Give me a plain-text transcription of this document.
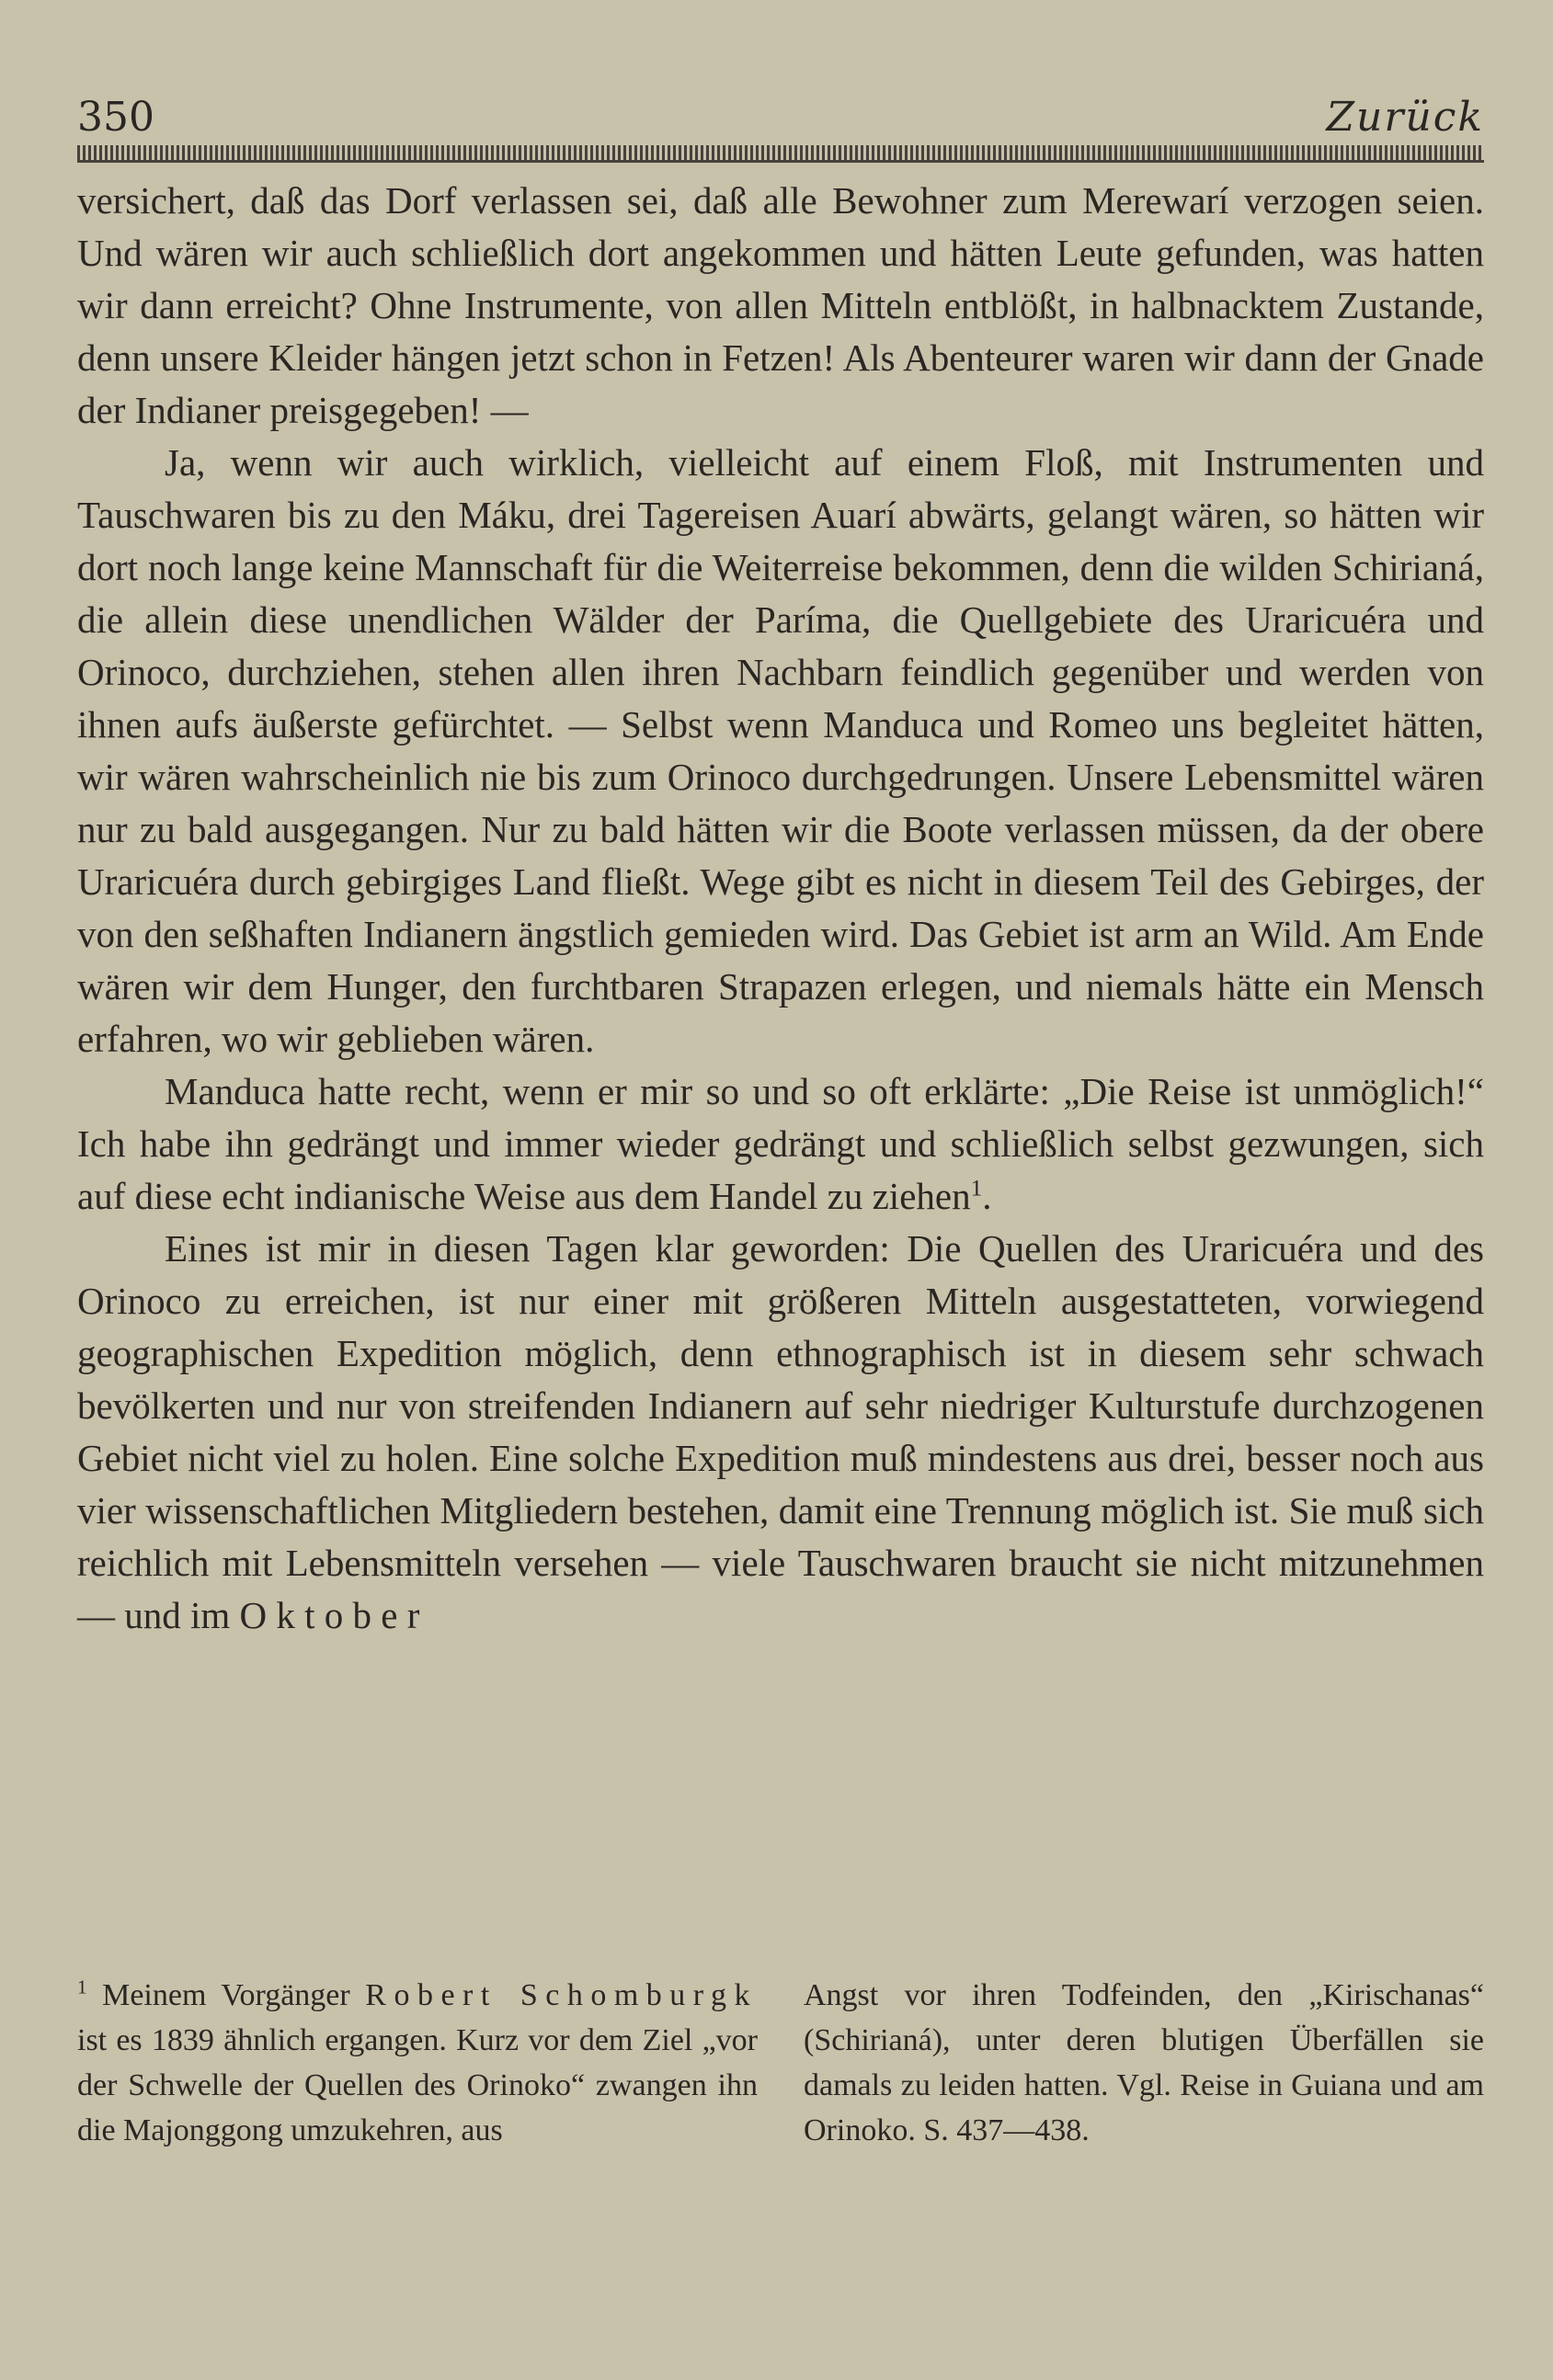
350	Zurück

versichert, daß das Dorf verlassen sei, daß alle Bewohner zum Merewarí verzogen seien. Und wären wir auch schließlich dort angekommen und hätten Leute gefunden, was hatten wir dann erreicht? Ohne Instrumente, von allen Mitteln entblößt, in halbnacktem Zustande, denn unsere Kleider hängen jetzt schon in Fetzen! Als Abenteurer waren wir dann der Gnade der Indianer preisgegeben! —

Ja, wenn wir auch wirklich, vielleicht auf einem Floß, mit Instrumenten und Tauschwaren bis zu den Máku, drei Tagereisen Auarí abwärts, gelangt wären, so hätten wir dort noch lange keine Mannschaft für die Weiterreise bekommen, denn die wilden Schirianá, die allein diese unendlichen Wälder der Paríma, die Quellgebiete des Uraricuéra und Orinoco, durchziehen, stehen allen ihren Nachbarn feindlich gegenüber und werden von ihnen aufs äußerste gefürchtet. — Selbst wenn Manduca und Romeo uns begleitet hätten, wir wären wahrscheinlich nie bis zum Orinoco durchgedrungen. Unsere Lebensmittel wären nur zu bald ausgegangen. Nur zu bald hätten wir die Boote verlassen müssen, da der obere Uraricuéra durch gebirgiges Land fließt. Wege gibt es nicht in diesem Teil des Gebirges, der von den seßhaften Indianern ängstlich gemieden wird. Das Gebiet ist arm an Wild. Am Ende wären wir dem Hunger, den furchtbaren Strapazen erlegen, und niemals hätte ein Mensch erfahren, wo wir geblieben wären.

Manduca hatte recht, wenn er mir so und so oft erklärte: „Die Reise ist unmöglich!“ Ich habe ihn gedrängt und immer wieder gedrängt und schließlich selbst gezwungen, sich auf diese echt indianische Weise aus dem Handel zu ziehen$^1$.

Eines ist mir in diesen Tagen klar geworden: Die Quellen des Uraricuéra und des Orinoco zu erreichen, ist nur einer mit größeren Mitteln ausgestatteten, vorwiegend geographischen Expedition möglich, denn ethnographisch ist in diesem sehr schwach bevölkerten und nur von streifenden Indianern auf sehr niedriger Kulturstufe durchzogenen Gebiet nicht viel zu holen. Eine solche Expedition muß mindestens aus drei, besser noch aus vier wissenschaftlichen Mitgliedern bestehen, damit eine Trennung möglich ist. Sie muß sich reichlich mit Lebensmitteln versehen — viele Tauschwaren braucht sie nicht mitzunehmen — und im Oktober

$^1$ Meinem Vorgänger Robert Schomburgk ist es 1839 ähnlich ergangen. Kurz vor dem Ziel „vor der Schwelle der Quellen des Orinoko“ zwangen ihn die Majonggong umzukehren, aus

Angst vor ihren Todfeinden, den „Kirischanas“ (Schirianá), unter deren blutigen Überfällen sie damals zu leiden hatten. Vgl. Reise in Guiana und am Orinoko. S. 437—438.
